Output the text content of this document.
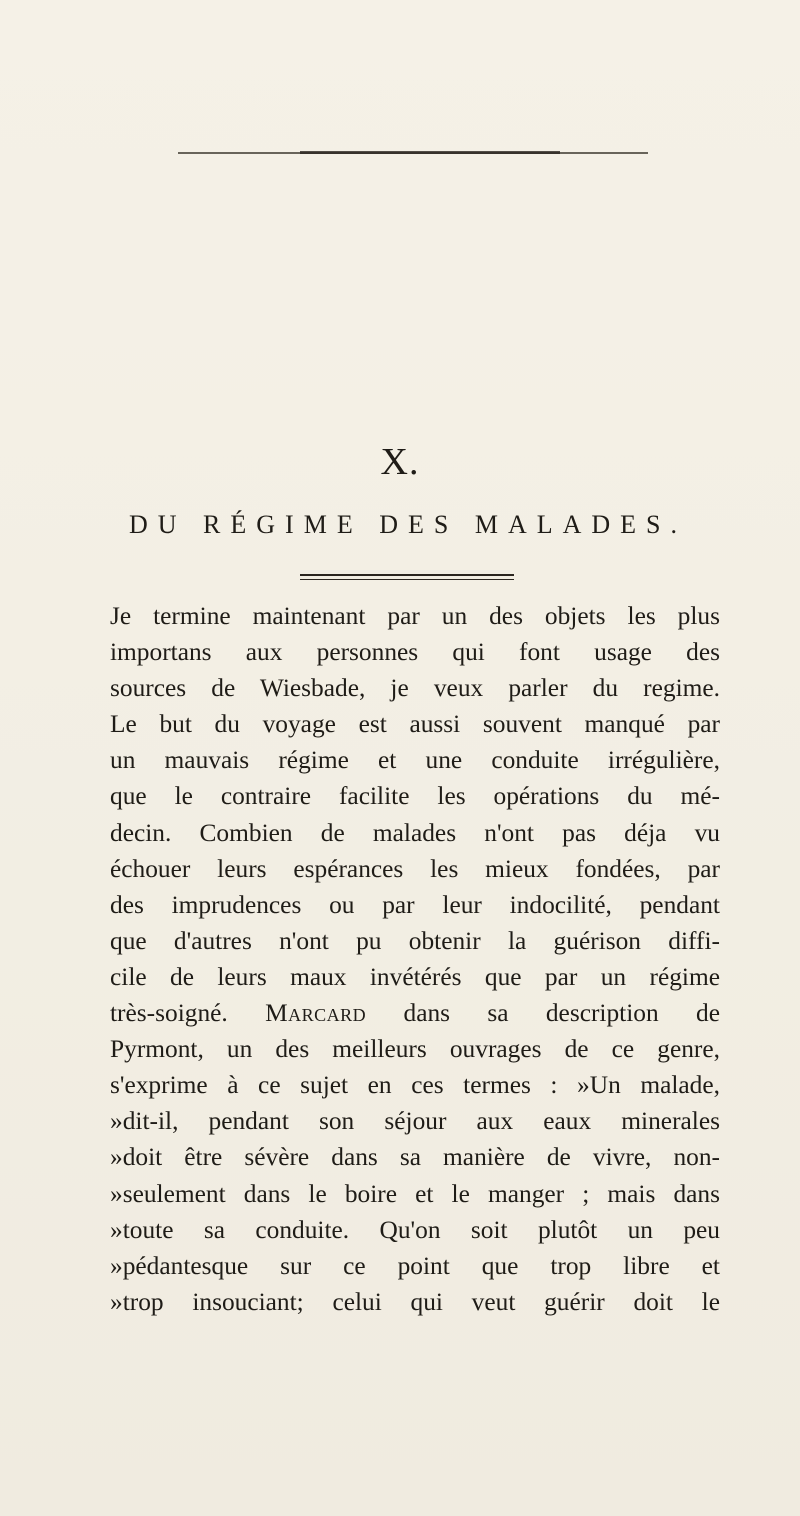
X.
DU RÉGIME DES MALADES.
Je termine maintenant par un des objets les plus
importans aux personnes qui font usage des
sources de Wiesbade, je veux parler du regime.
Le but du voyage est aussi souvent manqué par
un mauvais régime et une conduite irrégulière,
que le contraire facilite les opérations du mé-
decin. Combien de malades n'ont pas déja vu
échouer leurs espérances les mieux fondées, par
des imprudences ou par leur indocilité, pendant
que d'autres n'ont pu obtenir la guérison diffi-
cile de leurs maux invétérés que par un régime
très-soigné. Marcard dans sa description de
Pyrmont, un des meilleurs ouvrages de ce genre,
s'exprime à ce sujet en ces termes : »Un malade,
»dit-il, pendant son séjour aux eaux minerales
»doit être sévère dans sa manière de vivre, non-
»seulement dans le boire et le manger ; mais dans
»toute sa conduite. Qu'on soit plutôt un peu
»pédantesque sur ce point que trop libre et
»trop insouciant; celui qui veut guérir doit le
